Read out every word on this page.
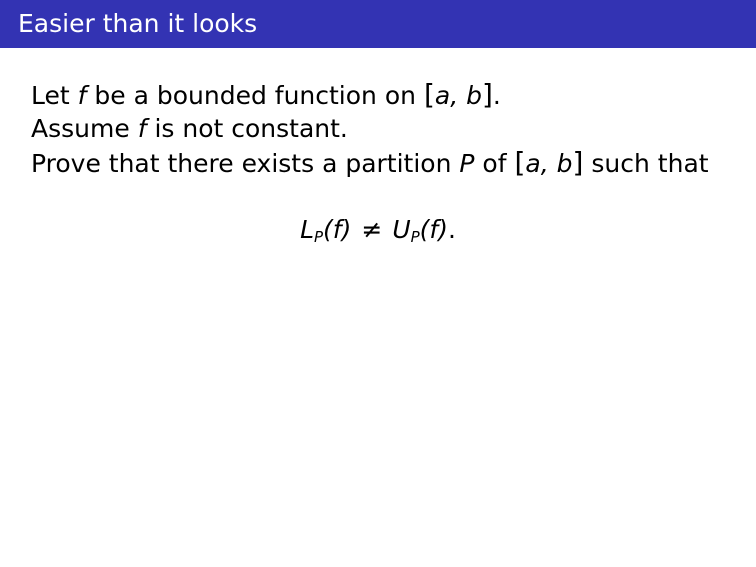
Easier than it looks
Let f be a bounded function on [a, b].
Assume f is not constant.
Prove that there exists a partition P of [a, b] such that
$L_P(f) \ne U_P(f)$.
